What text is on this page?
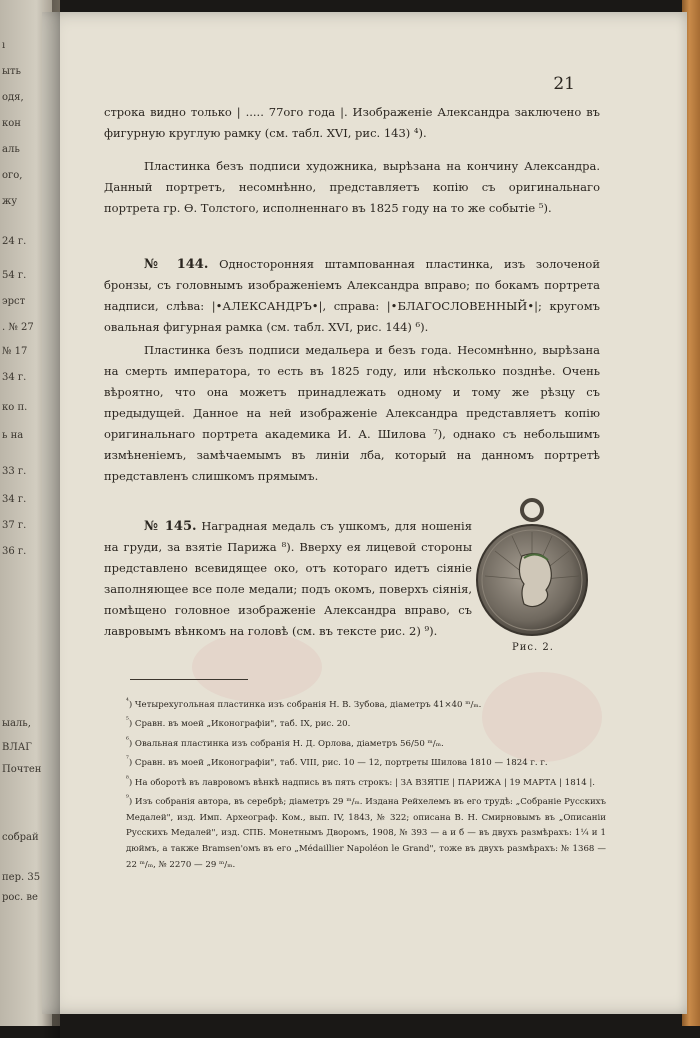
ı
ыть
одя,
кон
аль
ого,
жу
24 г.
54 г.
эрст
. № 27
№ 17
34 г.
ко п.
ь на
33 г.
34 г.
37 г.
36 г.
ыаль,
ВЛАГ
Почтен
собрай
пер. 35
рос. ве
21

строка видно только | ..... 77ого года |. Изображеніе Александра заключено въ фигурную круглую рамку (см. табл. XVI, рис. 143) ⁴).

Пластинка безъ подписи художника, вырѣзана на кончину Александра. Данный портретъ, несомнѣнно, представляетъ копію съ оригинальнаго портрета гр. Ѳ. Толстого, исполненнаго въ 1825 году на то же событіе ⁵).

№ 144. Односторонняя штампованная пластинка, изъ золоченой бронзы, съ головнымъ изображеніемъ Александра вправо; по бокамъ портрета надписи, слѣва: |•АЛЕКСАНДРЪ•|, справа: |•БЛАГОСЛОВЕННЫЙ•|; кругомъ овальная фигурная рамка (см. табл. XVI, рис. 144) ⁶).

Пластинка безъ подписи медальера и безъ года. Несомнѣнно, вырѣзана на смерть императора, то есть въ 1825 году, или нѣсколько позднѣе. Очень вѣроятно, что она можетъ принадлежать одному и тому же рѣзцу съ предыдущей. Данное на ней изображеніе Александра представляетъ копію оригинальнаго портрета академика И. А. Шилова ⁷), однако съ небольшимъ измѣненіемъ, замѣчаемымъ въ линіи лба, который на данномъ портретѣ представленъ слишкомъ прямымъ.

№ 145. Наградная медаль съ ушкомъ, для ношенія на груди, за взятіе Парижа ⁸). Вверху ея лицевой стороны представлено всевидящее око, отъ котораго идетъ сіяніе заполняющее все поле медали; подъ окомъ, поверхъ сіянія, помѣщено головное изображеніе Александра вправо, съ лавровымъ вѣнкомъ на головѣ (см. въ тексте рис. 2) ⁹).

Рис. 2.

$^{^4}$) Четырехугольная пластинка изъ собранія Н. В. Зубова, діаметръ 41×40 ᵐ/ₘ.

$^{^5}$) Сравн. въ моей „Иконографіи", таб. IX, рис. 20.

$^{^6}$) Овальная пластинка изъ собранія Н. Д. Орлова, діаметръ 56/50 ᵐ/ₘ.

$^{^7}$) Сравн. въ моей „Иконографіи", таб. VIII, рис. 10 — 12, портреты Шилова 1810 — 1824 г. г.

$^{^8}$) На оборотѣ въ лавровомъ вѣнкѣ надпись въ пять строкъ: | ЗА ВЗЯТІЕ | ПАРИЖА | 19 МАРТА | 1814 |.

$^{^9}$) Изъ собранія автора, въ серебрѣ; діаметръ 29 ᵐ/ₘ. Издана Рейхелемъ въ его трудѣ: „Собраніе Русскихъ Медалей", изд. Имп. Археограф. Ком., вып. IV, 1843, № 322; описана В. Н. Смирновымъ въ „Описаніи Русскихъ Медалей", изд. СПБ. Монетнымъ Дворомъ, 1908, № 393 — а и б — въ двухъ размѣрахъ: 1¼ и 1 дюймъ, а также Bramsen'омъ въ его „Médaillier Napoléon le Grand", тоже въ двухъ размѣрахъ: № 1368 — 22 ᵐ/ₘ, № 2270 — 29 ᵐ/ₘ.
